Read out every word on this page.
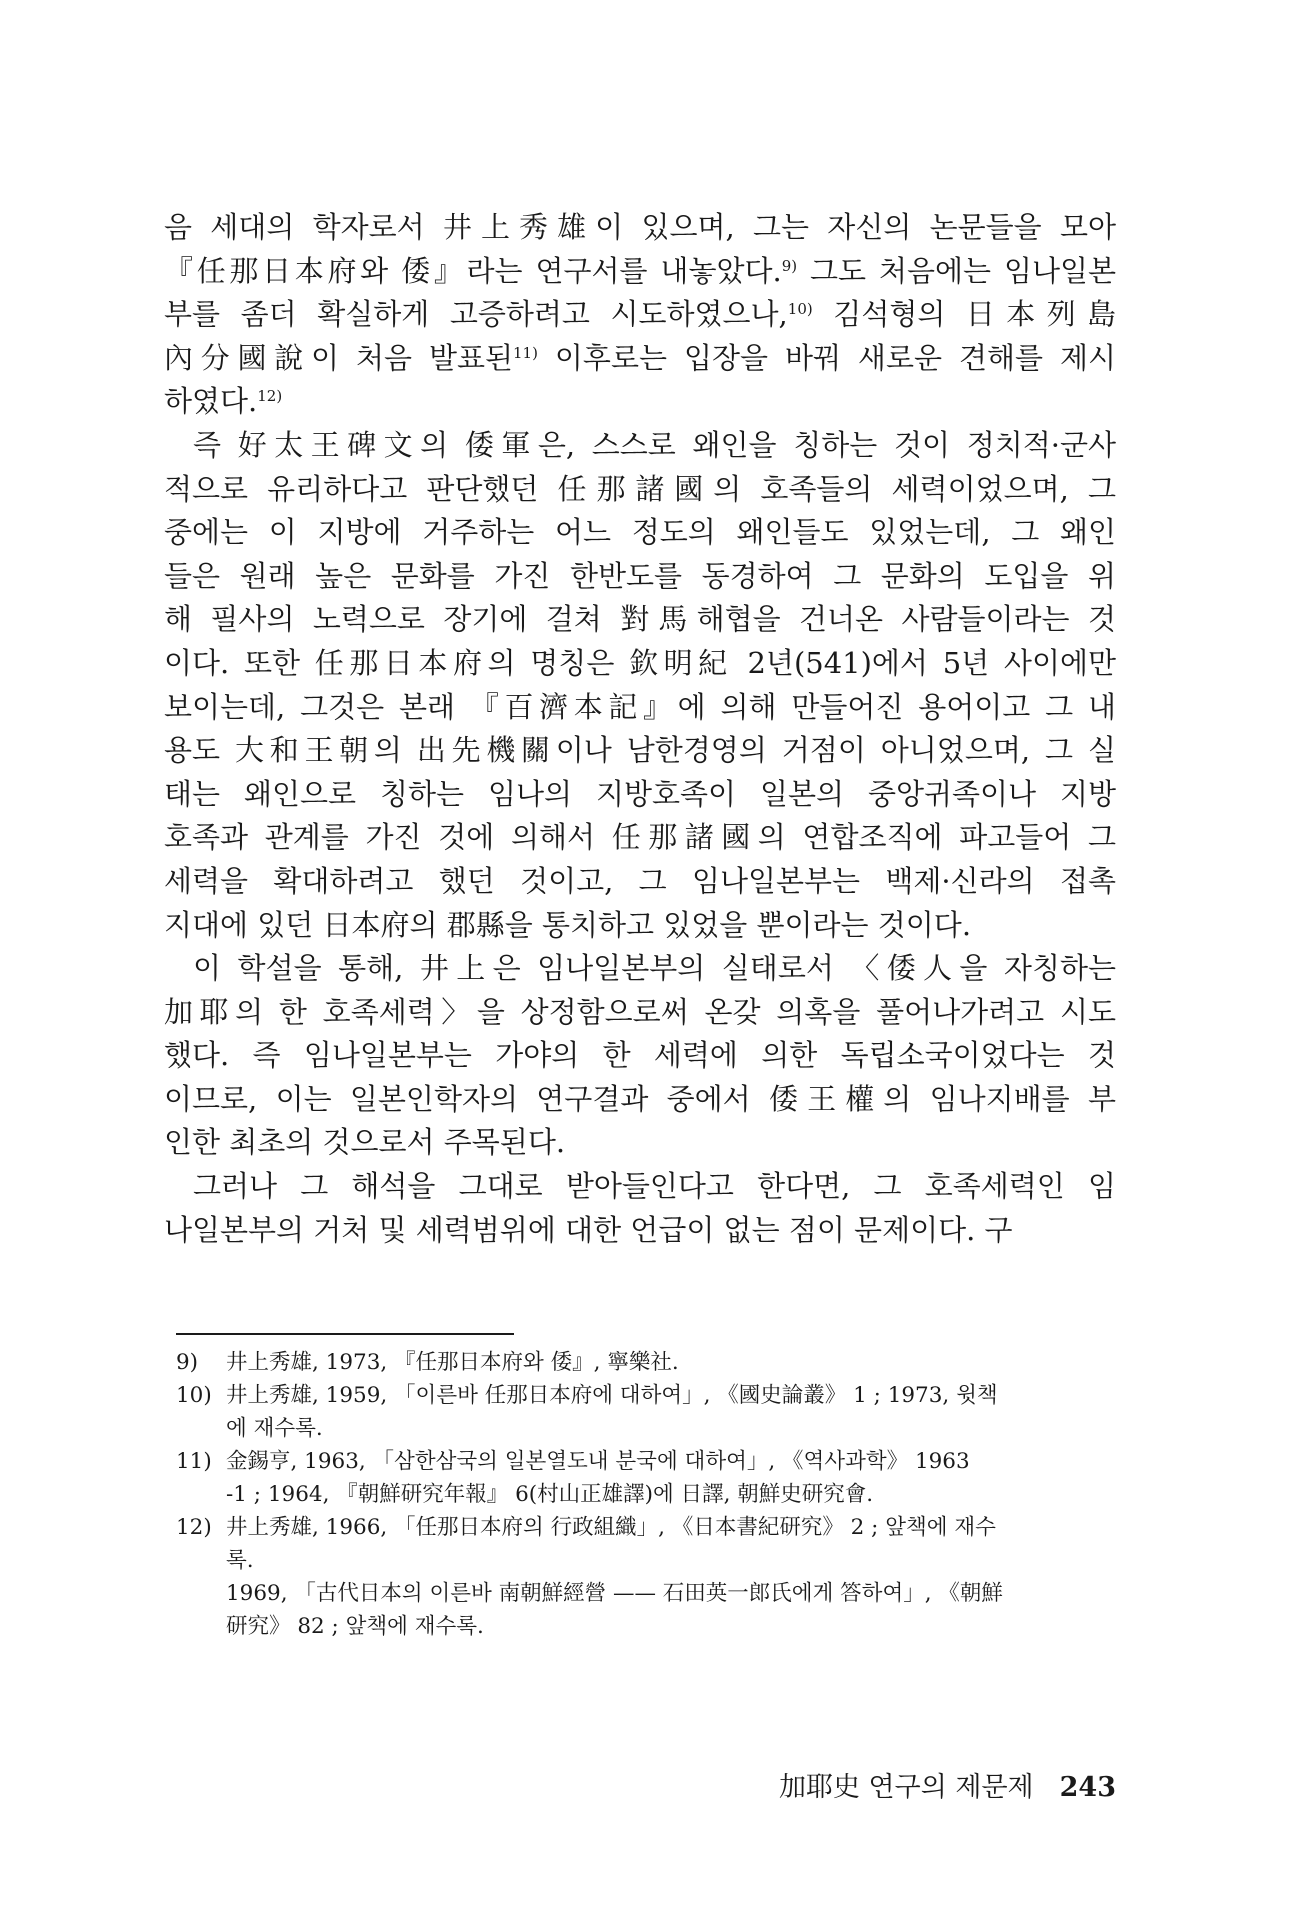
음 세대의 학자로서 井上秀雄이 있으며, 그는 자신의 논문들을 모아
『任那日本府와 倭』라는 연구서를 내놓았다.$^{9)}$ 그도 처음에는 임나일본
부를 좀더 확실하게 고증하려고 시도하였으나,$^{10)}$ 김석형의 日本列島
內分國說이 처음 발표된$^{11)}$ 이후로는 입장을 바꿔 새로운 견해를 제시
하였다.$^{12)}$
즉 好太王碑文의 倭軍은, 스스로 왜인을 칭하는 것이 정치적·군사
적으로 유리하다고 판단했던 任那諸國의 호족들의 세력이었으며, 그
중에는 이 지방에 거주하는 어느 정도의 왜인들도 있었는데, 그 왜인
들은 원래 높은 문화를 가진 한반도를 동경하여 그 문화의 도입을 위
해 필사의 노력으로 장기에 걸쳐 對馬해협을 건너온 사람들이라는 것
이다. 또한 任那日本府의 명칭은 欽明紀 2년(541)에서 5년 사이에만
보이는데, 그것은 본래 『百濟本記』에 의해 만들어진 용어이고 그 내
용도 大和王朝의 出先機關이나 남한경영의 거점이 아니었으며, 그 실
태는 왜인으로 칭하는 임나의 지방호족이 일본의 중앙귀족이나 지방
호족과 관계를 가진 것에 의해서 任那諸國의 연합조직에 파고들어 그
세력을 확대하려고 했던 것이고, 그 임나일본부는 백제·신라의 접촉
지대에 있던 日本府의 郡縣을 통치하고 있었을 뿐이라는 것이다.
이 학설을 통해, 井上은 임나일본부의 실태로서 〈倭人을 자칭하는
加耶의 한 호족세력〉을 상정함으로써 온갖 의혹을 풀어나가려고 시도
했다. 즉 임나일본부는 가야의 한 세력에 의한 독립소국이었다는 것
이므로, 이는 일본인학자의 연구결과 중에서 倭王權의 임나지배를 부
인한 최초의 것으로서 주목된다.
그러나 그 해석을 그대로 받아들인다고 한다면, 그 호족세력인 임
나일본부의 거처 및 세력범위에 대한 언급이 없는 점이 문제이다. 구
9) 井上秀雄, 1973, 『任那日本府와 倭』, 寧樂社.
10) 井上秀雄, 1959, 「이른바 任那日本府에 대하여」, 《國史論叢》 1 ; 1973, 윗책
에 재수록.
11) 金錫亨, 1963, 「삼한삼국의 일본열도내 분국에 대하여」, 《역사과학》 1963
-1 ; 1964, 『朝鮮研究年報』 6(村山正雄譯)에 日譯, 朝鮮史研究會.
12) 井上秀雄, 1966, 「任那日本府의 行政組織」, 《日本書紀研究》 2 ; 앞책에 재수
록.
1969, 「古代日本의 이른바 南朝鮮經營 —— 石田英一郎氏에게 答하여」, 《朝鮮
研究》 82 ; 앞책에 재수록.
加耶史 연구의 제문제 243
